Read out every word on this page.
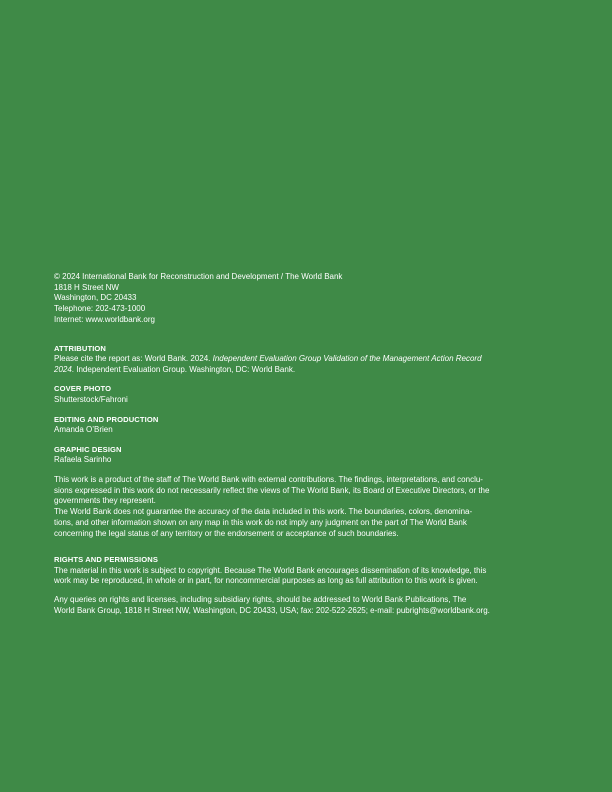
© 2024 International Bank for Reconstruction and Development / The World Bank

1818 H Street NW

Washington, DC 20433

Telephone: 202-473-1000

Internet: www.worldbank.org

ATTRIBUTION

Please cite the report as: World Bank. 2024. Independent Evaluation Group Validation of the Management Action Record

2024. Independent Evaluation Group. Washington, DC: World Bank.

COVER PHOTO

Shutterstock/Fahroni

EDITING AND PRODUCTION

Amanda O’Brien

GRAPHIC DESIGN

Rafaela Sarinho

This work is a product of the staff of The World Bank with external contributions. The findings, interpretations, and conclu-

sions expressed in this work do not necessarily reflect the views of The World Bank, its Board of Executive Directors, or the

governments they represent.

The World Bank does not guarantee the accuracy of the data included in this work. The boundaries, colors, denomina-

tions, and other information shown on any map in this work do not imply any judgment on the part of The World Bank

concerning the legal status of any territory or the endorsement or acceptance of such boundaries.

RIGHTS AND PERMISSIONS

The material in this work is subject to copyright. Because The World Bank encourages dissemination of its knowledge, this

work may be reproduced, in whole or in part, for noncommercial purposes as long as full attribution to this work is given.

Any queries on rights and licenses, including subsidiary rights, should be addressed to World Bank Publications, The

World Bank Group, 1818 H Street NW, Washington, DC 20433, USA; fax: 202-522-2625; e-mail: pubrights@worldbank.org.
